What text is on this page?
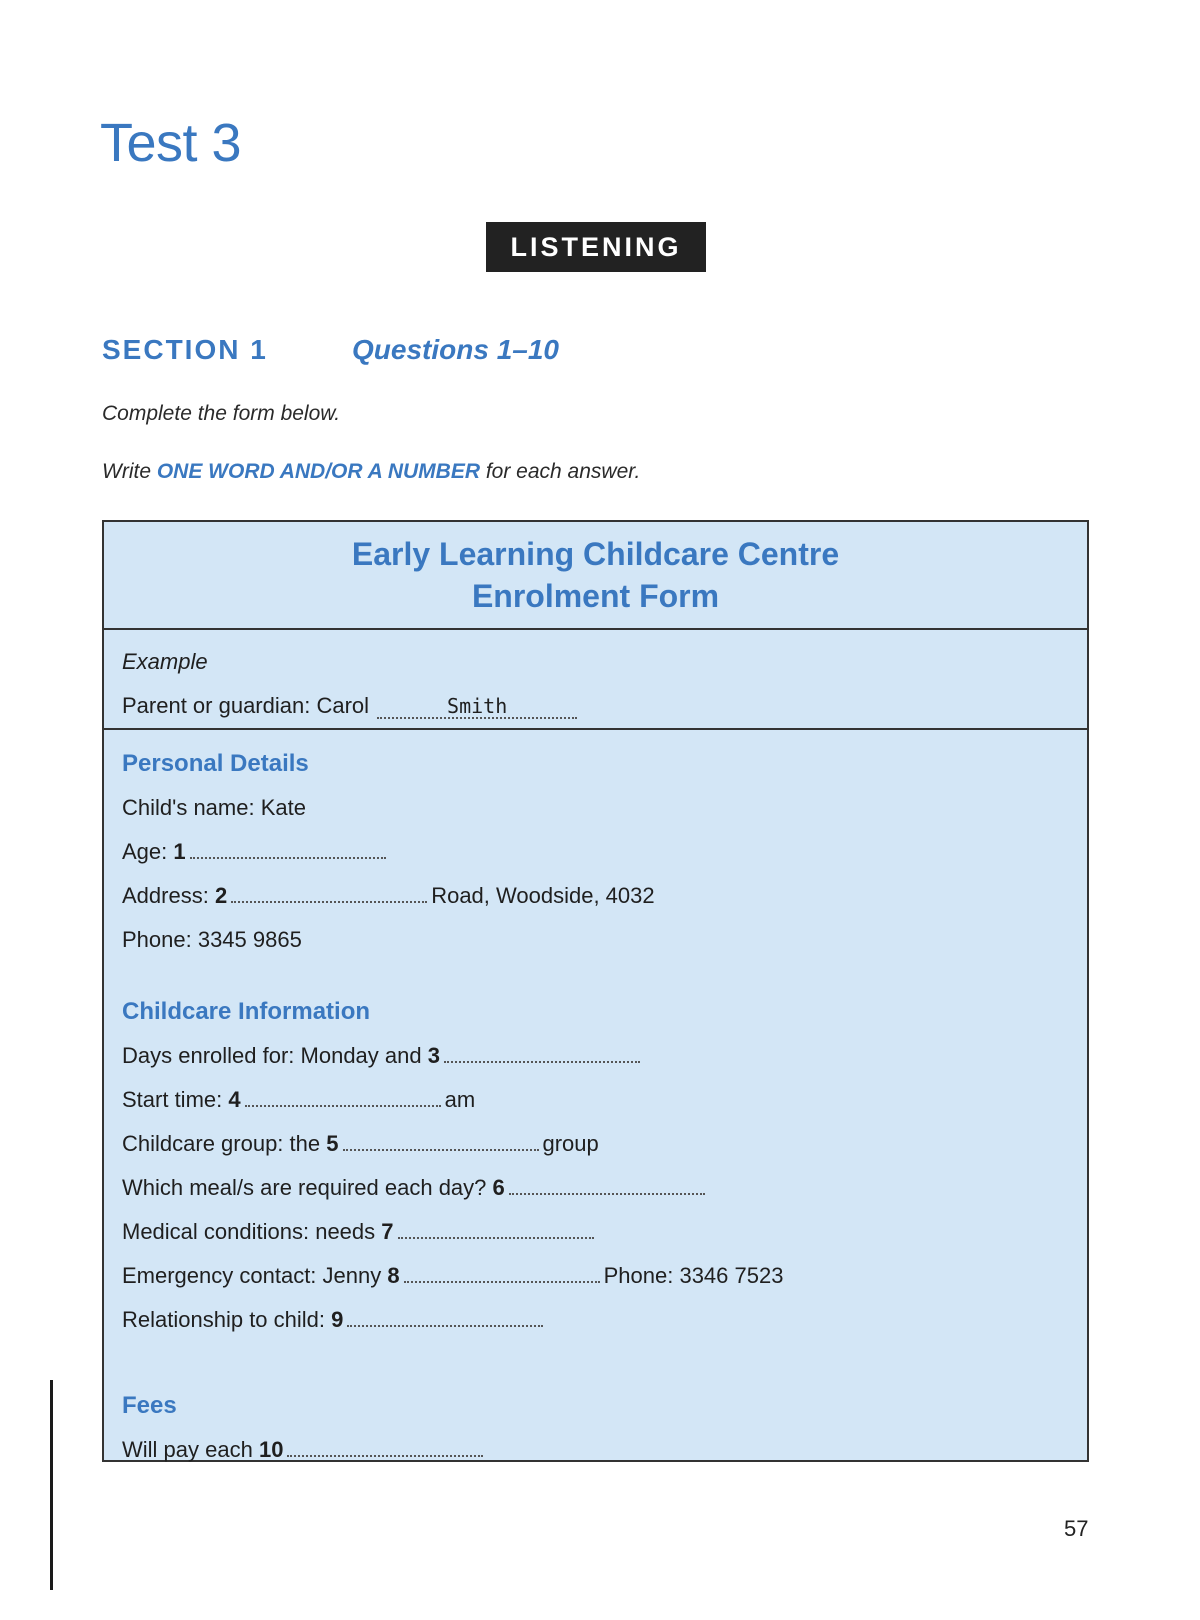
Test 3
LISTENING
SECTION 1	Questions 1–10
Complete the form below.
Write ONE WORD AND/OR A NUMBER for each answer.
Early Learning Childcare Centre
Enrolment Form
Example
Parent or guardian: Carol	Smith
Personal Details
Child's name: Kate
Age: 1
Address: 2	Road, Woodside, 4032
Phone: 3345 9865
Childcare Information
Days enrolled for: Monday and 3
Start time: 4	am
Childcare group: the 5	group
Which meal/s are required each day? 6
Medical conditions: needs 7
Emergency contact: Jenny 8	Phone: 3346 7523
Relationship to child: 9
Fees
Will pay each 10
57
